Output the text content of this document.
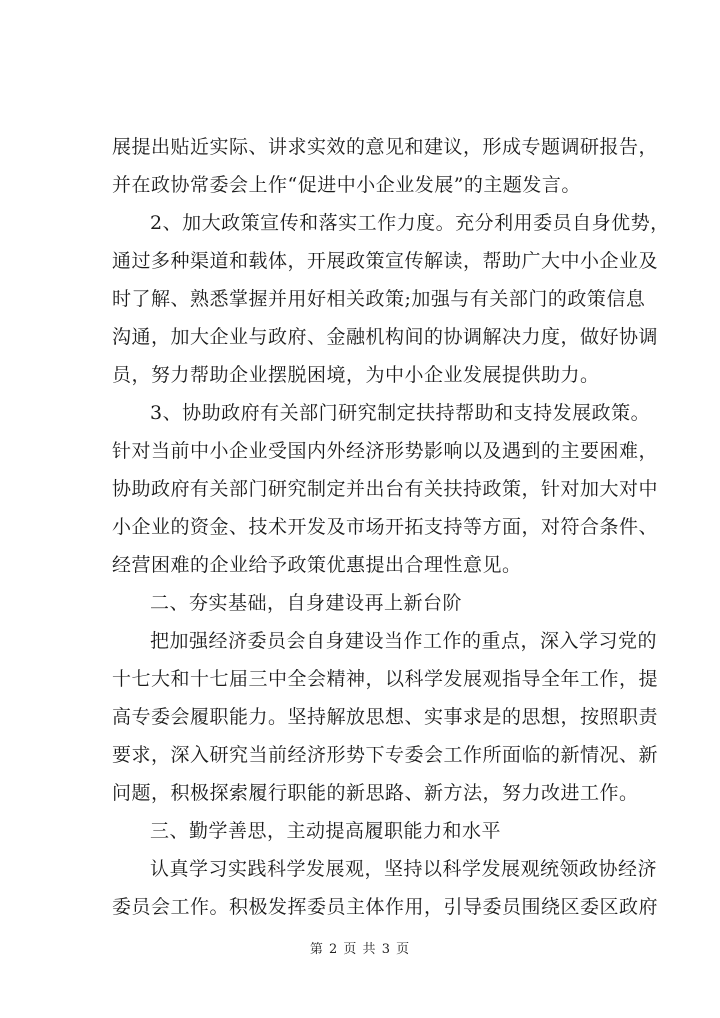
展提出贴近实际、讲求实效的意见和建议，形成专题调研报告，
并在政协常委会上作“促进中小企业发展”的主题发言。
2、加大政策宣传和落实工作力度。充分利用委员自身优势，
通过多种渠道和载体，开展政策宣传解读，帮助广大中小企业及
时了解、熟悉掌握并用好相关政策;加强与有关部门的政策信息
沟通，加大企业与政府、金融机构间的协调解决力度，做好协调
员，努力帮助企业摆脱困境，为中小企业发展提供助力。
3、协助政府有关部门研究制定扶持帮助和支持发展政策。
针对当前中小企业受国内外经济形势影响以及遇到的主要困难，
协助政府有关部门研究制定并出台有关扶持政策，针对加大对中
小企业的资金、技术开发及市场开拓支持等方面，对符合条件、
经营困难的企业给予政策优惠提出合理性意见。
二、夯实基础，自身建设再上新台阶
把加强经济委员会自身建设当作工作的重点，深入学习党的
十七大和十七届三中全会精神，以科学发展观指导全年工作，提
高专委会履职能力。坚持解放思想、实事求是的思想，按照职责
要求，深入研究当前经济形势下专委会工作所面临的新情况、新
问题，积极探索履行职能的新思路、新方法，努力改进工作。
三、勤学善思，主动提高履职能力和水平
认真学习实践科学发展观，坚持以科学发展观统领政协经济
委员会工作。积极发挥委员主体作用，引导委员围绕区委区政府
第 2 页 共 3 页
